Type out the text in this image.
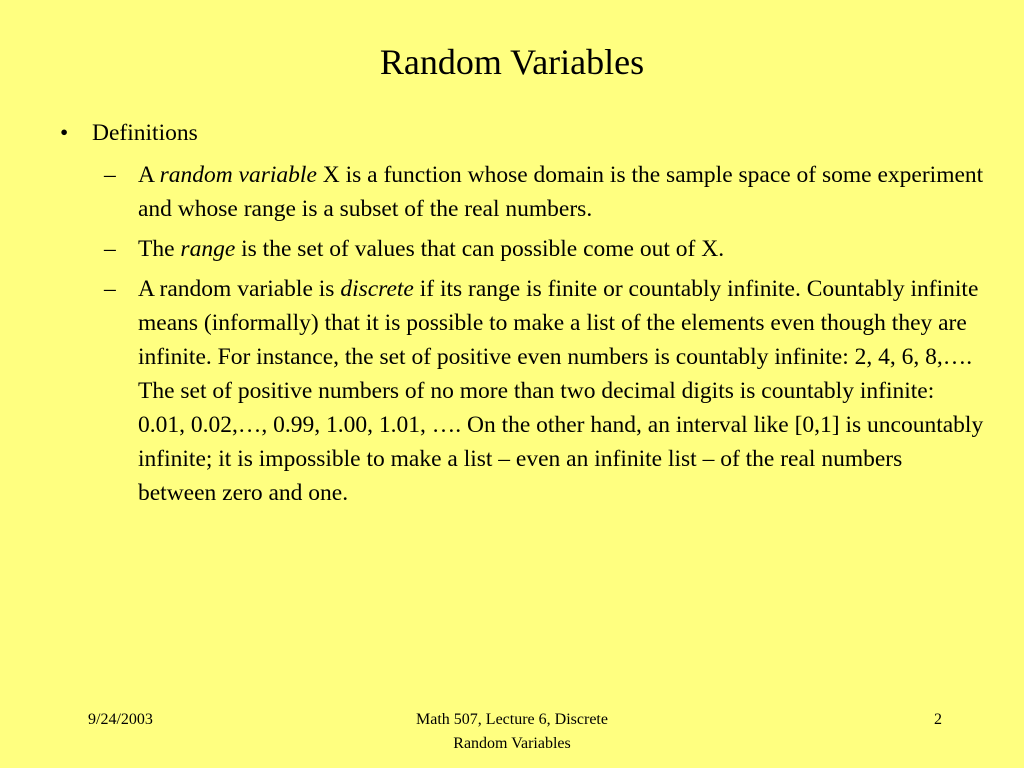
Random Variables
• Definitions
– A random variable X is a function whose domain is the sample space of some experiment and whose range is a subset of the real numbers.
– The range is the set of values that can possible come out of X.
– A random variable is discrete if its range is finite or countably infinite. Countably infinite means (informally) that it is possible to make a list of the elements even though they are infinite. For instance, the set of positive even numbers is countably infinite: 2, 4, 6, 8,…. The set of positive numbers of no more than two decimal digits is countably infinite: 0.01, 0.02,…, 0.99, 1.00, 1.01, …. On the other hand, an interval like [0,1] is uncountably infinite; it is impossible to make a list – even an infinite list – of the real numbers between zero and one.
9/24/2003	Math 507, Lecture 6, Discrete
Random Variables
2
